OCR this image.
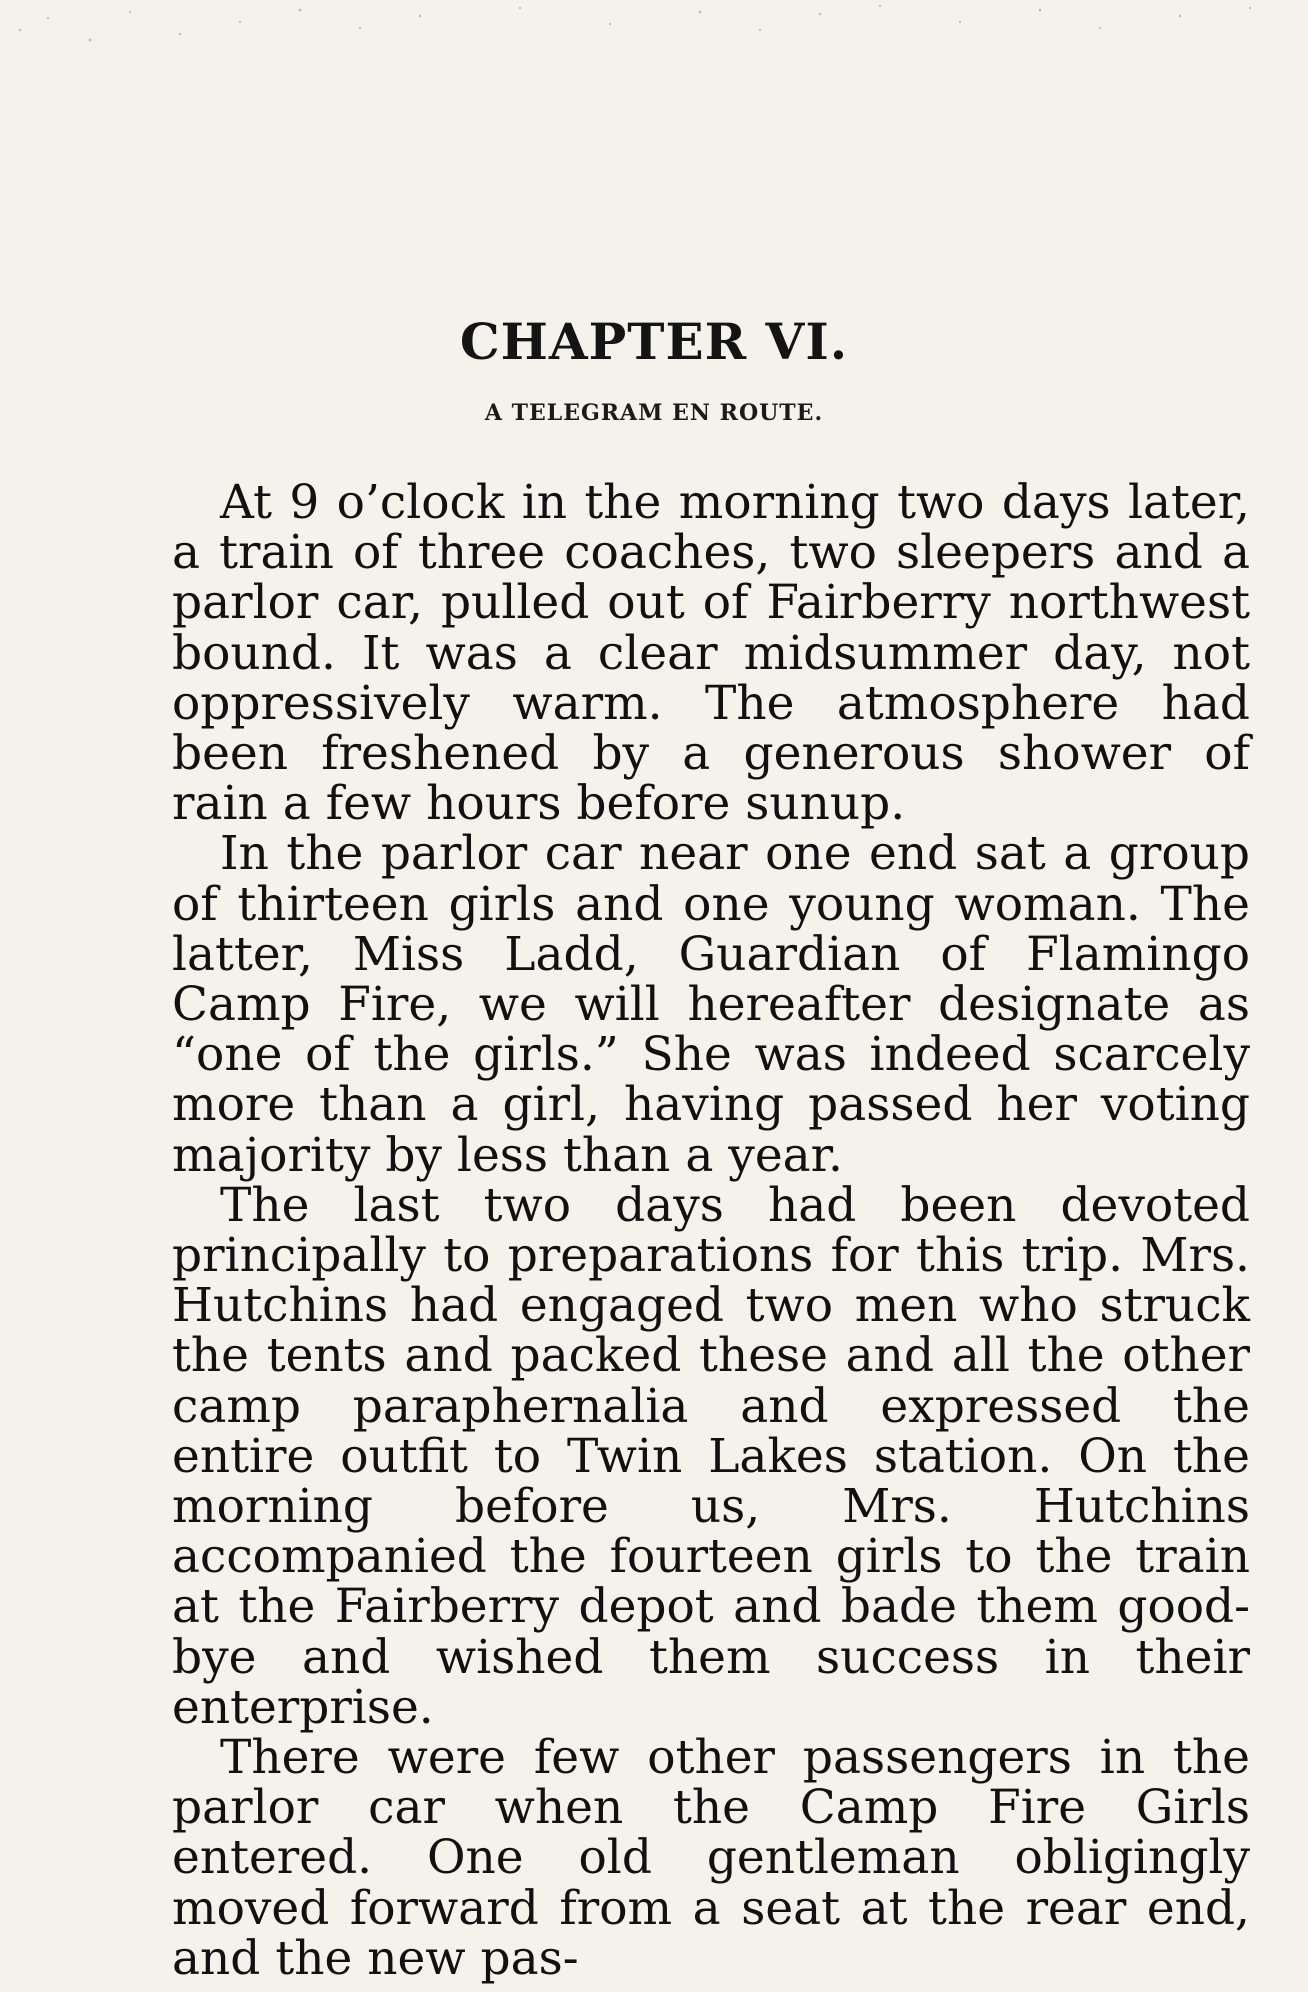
CHAPTER VI.
A TELEGRAM EN ROUTE.

At 9 o’clock in the morning two days later, a train of three coaches, two sleepers and a parlor car, pulled out of Fairberry northwest bound. It was a clear midsummer day, not oppressively warm. The atmosphere had been freshened by a generous shower of rain a few hours before sunup.

In the parlor car near one end sat a group of thirteen girls and one young woman. The latter, Miss Ladd, Guardian of Flamingo Camp Fire, we will hereafter designate as “one of the girls.” She was indeed scarcely more than a girl, having passed her voting majority by less than a year.

The last two days had been devoted principally to preparations for this trip. Mrs. Hutchins had engaged two men who struck the tents and packed these and all the other camp paraphernalia and expressed the entire outfit to Twin Lakes station. On the morning before us, Mrs. Hutchins accompanied the fourteen girls to the train at the Fairberry depot and bade them good-bye and wished them success in their enterprise.

There were few other passengers in the parlor car when the Camp Fire Girls entered. One old gentleman obligingly moved forward from a seat at the rear end, and the new pas-
